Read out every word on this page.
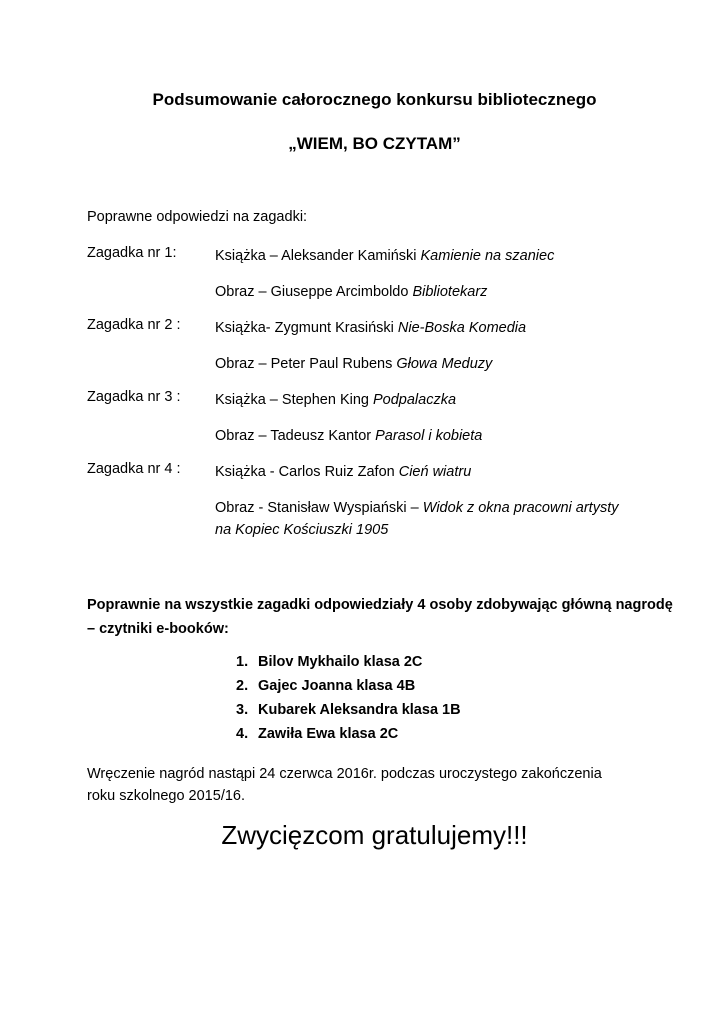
Podsumowanie całorocznego konkursu bibliotecznego
„WIEM, BO CZYTAM”
Poprawne odpowiedzi na zagadki:
Zagadka nr 1:	Książka – Aleksander Kamiński Kamienie na szaniec
Obraz – Giuseppe Arcimboldo Bibliotekarz
Zagadka nr 2 :	Książka- Zygmunt Krasiński Nie-Boska Komedia
Obraz – Peter Paul Rubens Głowa Meduzy
Zagadka nr 3 :	Książka – Stephen King Podpalaczka
Obraz – Tadeusz Kantor Parasol i kobieta
Zagadka nr 4 :	Książka - Carlos Ruiz Zafon Cień wiatru
Obraz - Stanisław Wyspiański – Widok z okna pracowni artysty
na Kopiec Kościuszki 1905
Poprawnie na wszystkie zagadki odpowiedziały 4 osoby zdobywając główną nagrodę
– czytniki e-booków:
1. Bilov Mykhailo klasa 2C
2. Gajec Joanna klasa 4B
3. Kubarek Aleksandra klasa 1B
4. Zawiła Ewa klasa 2C
Wręczenie nagród nastąpi 24 czerwca 2016r. podczas uroczystego zakończenia
roku szkolnego 2015/16.
Zwycięzcom gratulujemy!!!
